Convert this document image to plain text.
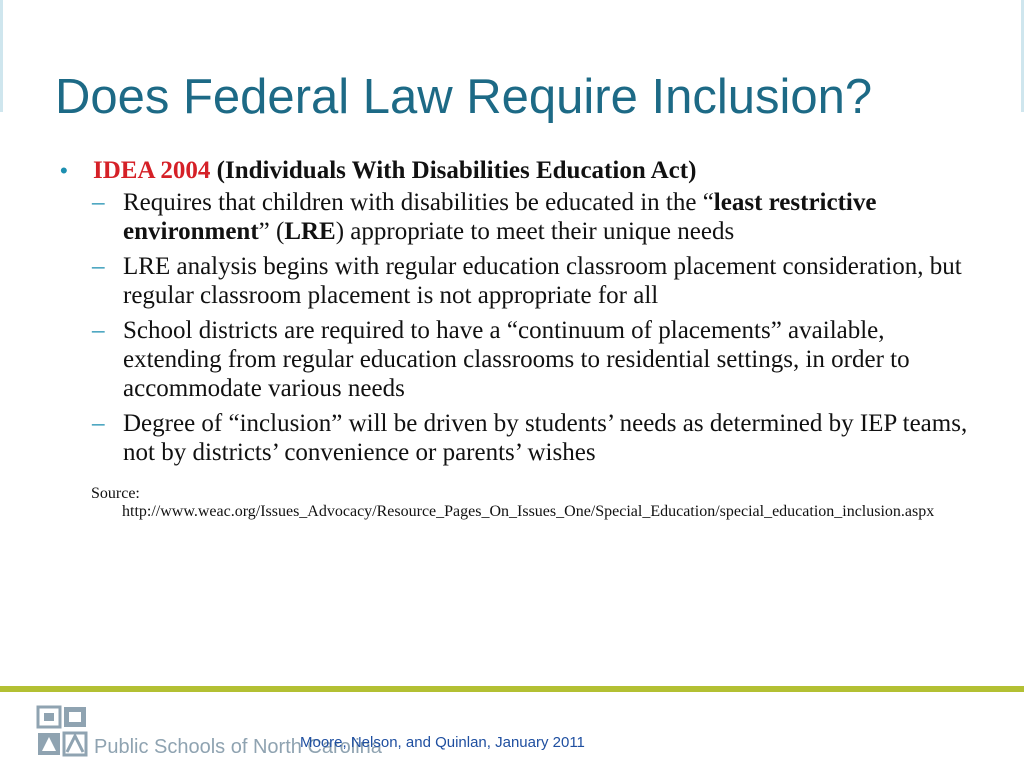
Does Federal Law Require Inclusion?
• IDEA 2004 (Individuals With Disabilities Education Act)
– Requires that children with disabilities be educated in the “least restrictive environment” (LRE) appropriate to meet their unique needs
– LRE analysis begins with regular education classroom placement consideration, but regular classroom placement is not appropriate for all
– School districts are required to have a “continuum of placements” available, extending from regular education classrooms to residential settings, in order to accommodate various needs
– Degree of “inclusion” will be driven by students’ needs as determined by IEP teams, not by districts’ convenience or parents’ wishes
Source:
http://www.weac.org/Issues_Advocacy/Resource_Pages_On_Issues_One/Special_Education/special_education_inclusion.aspx
Public Schools of North Carolina
Moore, Nelson, and Quinlan, January 2011
